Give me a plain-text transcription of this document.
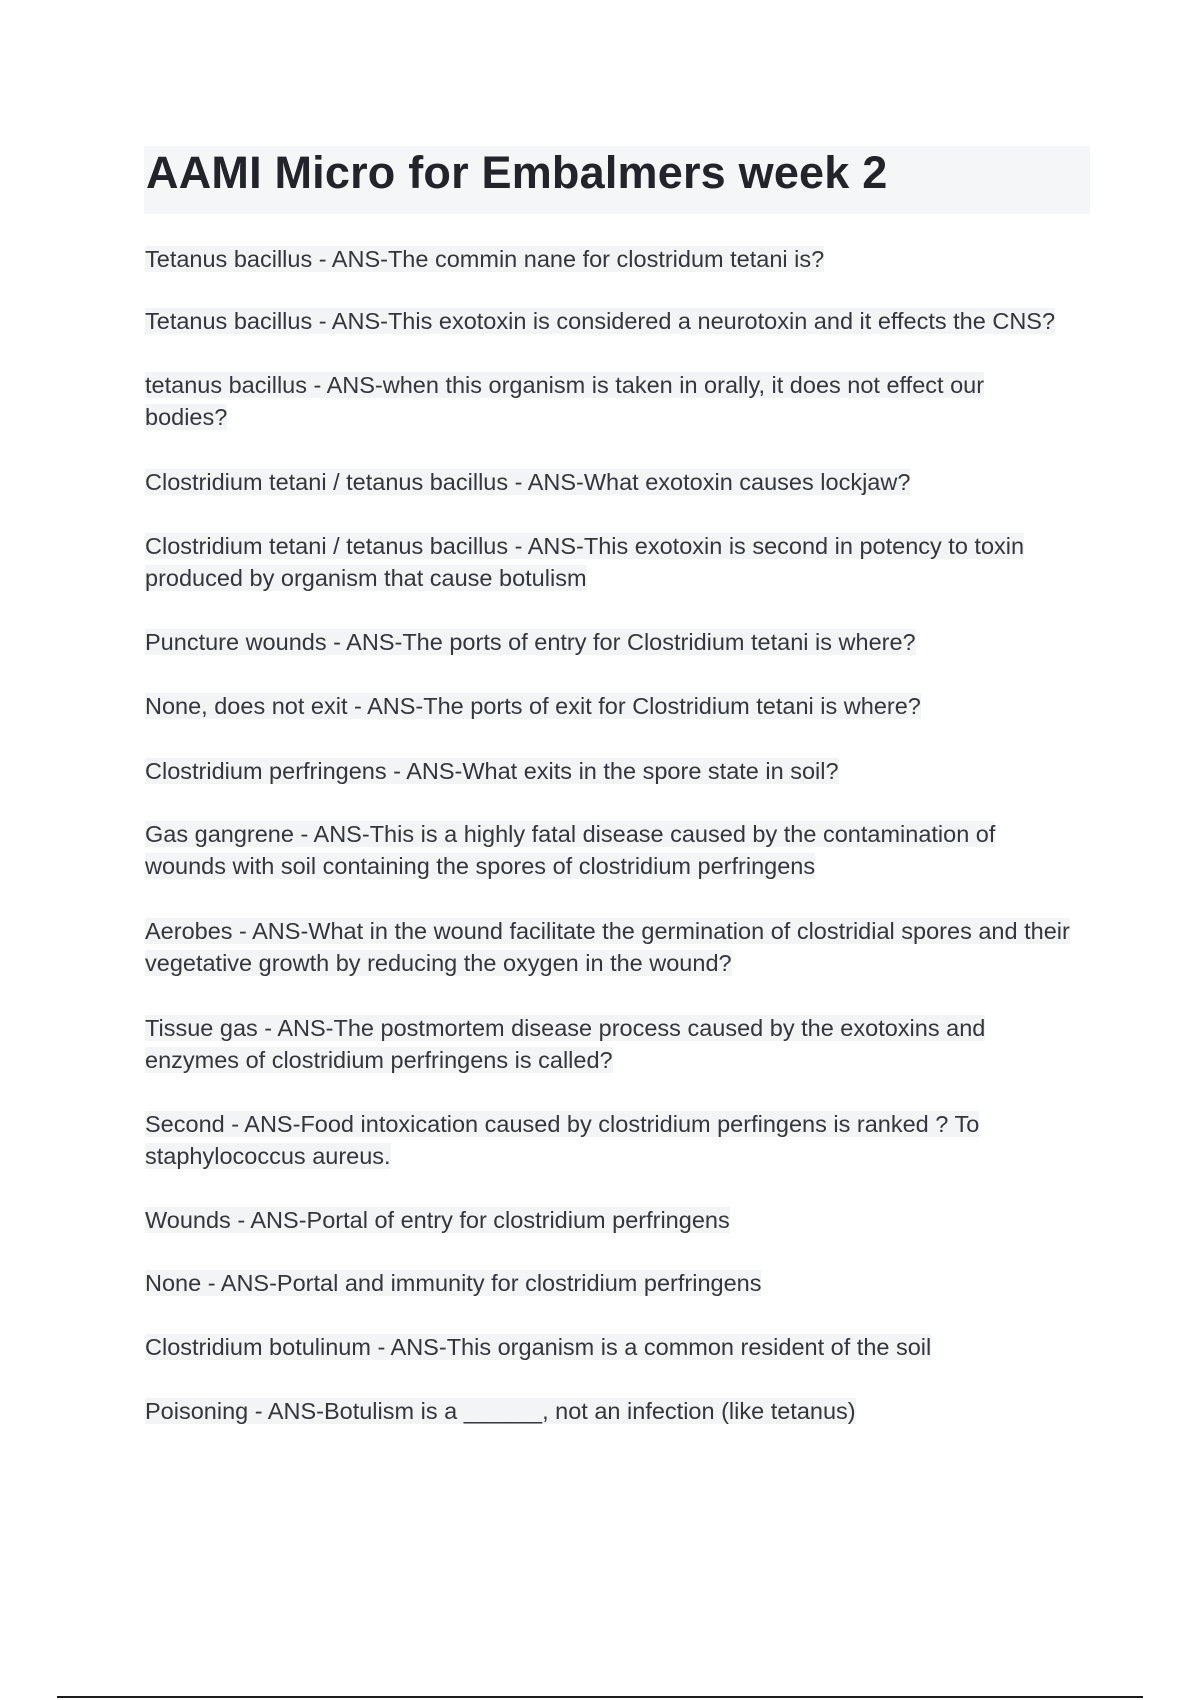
AAMI Micro for Embalmers week 2

Tetanus bacillus - ANS-The commin nane for clostridum tetani is?

Tetanus bacillus - ANS-This exotoxin is considered a neurotoxin and it effects the CNS?

tetanus bacillus - ANS-when this organism is taken in orally, it does not effect our bodies?

Clostridium tetani / tetanus bacillus - ANS-What exotoxin causes lockjaw?

Clostridium tetani / tetanus bacillus - ANS-This exotoxin is second in potency to toxin produced by organism that cause botulism

Puncture wounds - ANS-The ports of entry for Clostridium tetani is where?

None, does not exit - ANS-The ports of exit for Clostridium tetani is where?

Clostridium perfringens - ANS-What exits in the spore state in soil?

Gas gangrene - ANS-This is a highly fatal disease caused by the contamination of wounds with soil containing the spores of clostridium perfringens

Aerobes - ANS-What in the wound facilitate the germination of clostridial spores and their vegetative growth by reducing the oxygen in the wound?

Tissue gas - ANS-The postmortem disease process caused by the exotoxins and enzymes of clostridium perfringens is called?

Second - ANS-Food intoxication caused by clostridium perfingens is ranked ? To staphylococcus aureus.

Wounds - ANS-Portal of entry for clostridium perfringens

None - ANS-Portal and immunity for clostridium perfringens

Clostridium botulinum - ANS-This organism is a common resident of the soil

Poisoning - ANS-Botulism is a ______, not an infection (like tetanus)
